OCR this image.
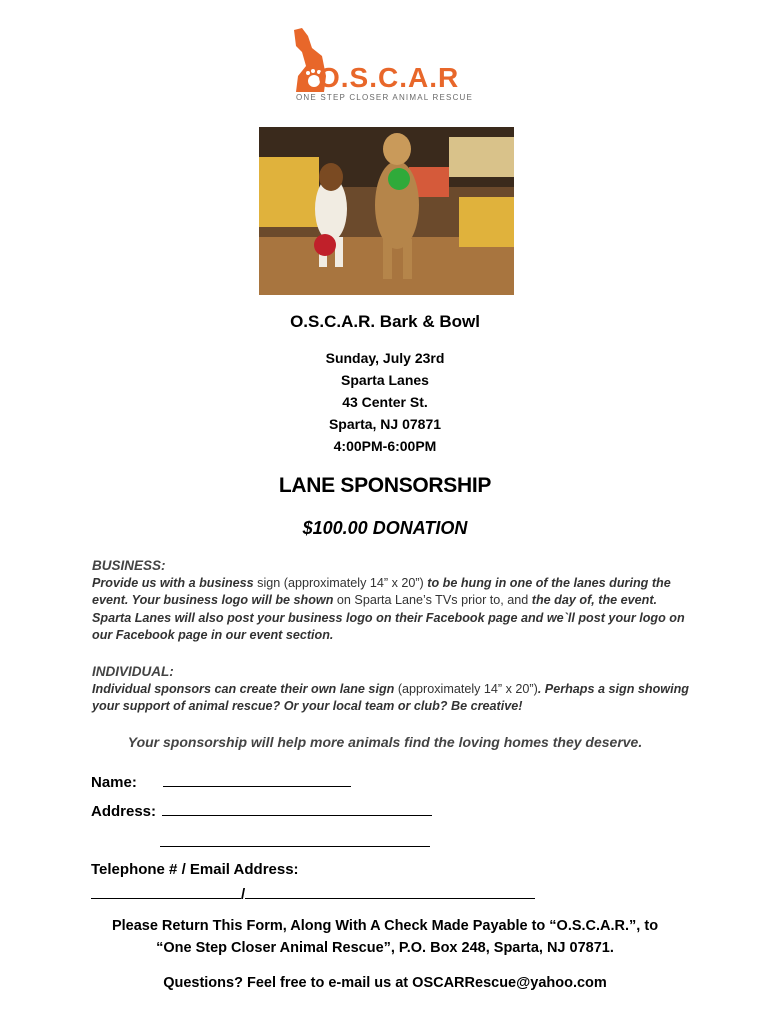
O.S.C.A.R
ONE STEP CLOSER ANIMAL RESCUE
O.S.C.A.R. Bark & Bowl
Sunday, July 23rd
Sparta Lanes
43 Center St.
Sparta, NJ 07871
4:00PM-6:00PM
LANE SPONSORSHIP
$100.00 DONATION
BUSINESS:
Provide us with a business sign (approximately 14” x 20”) to be hung in one of the lanes during the event. Your business logo will be shown on Sparta Lane’s TVs prior to, and the day of, the event. Sparta Lanes will also post your business logo on their Facebook page and we`ll post your logo on our Facebook page in our event section.
INDIVIDUAL:
Individual sponsors can create their own lane sign (approximately 14” x 20”). Perhaps a sign showing your support of animal rescue? Or your local team or club? Be creative!
Your sponsorship will help more animals find the loving homes they deserve.
Name:
Address:
Telephone # / Email Address:
/
Please Return This Form, Along With A Check Made Payable to “O.S.C.A.R.”, to
“One Step Closer Animal Rescue”, P.O. Box 248, Sparta, NJ 07871.
Questions? Feel free to e-mail us at OSCARRescue@yahoo.com
